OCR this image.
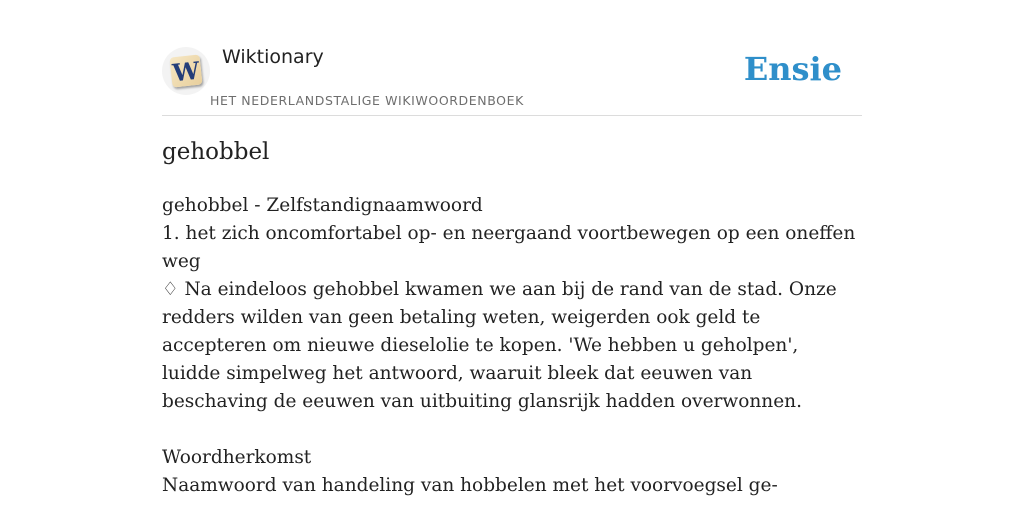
W Wiktionary
HET NEDERLANDSTALIGE WIKIWOORDENBOEK
Ensie
gehobbel
gehobbel - Zelfstandignaamwoord
1. het zich oncomfortabel op- en neergaand voortbewegen op een oneffen weg
♢ Na eindeloos gehobbel kwamen we aan bij de rand van de stad. Onze redders wilden van geen betaling weten, weigerden ook geld te accepteren om nieuwe dieselolie te kopen. 'We hebben u geholpen', luidde simpelweg het antwoord, waaruit bleek dat eeuwen van beschaving de eeuwen van uitbuiting glansrijk hadden overwonnen.
Woordherkomst
Naamwoord van handeling van hobbelen met het voorvoegsel ge-
